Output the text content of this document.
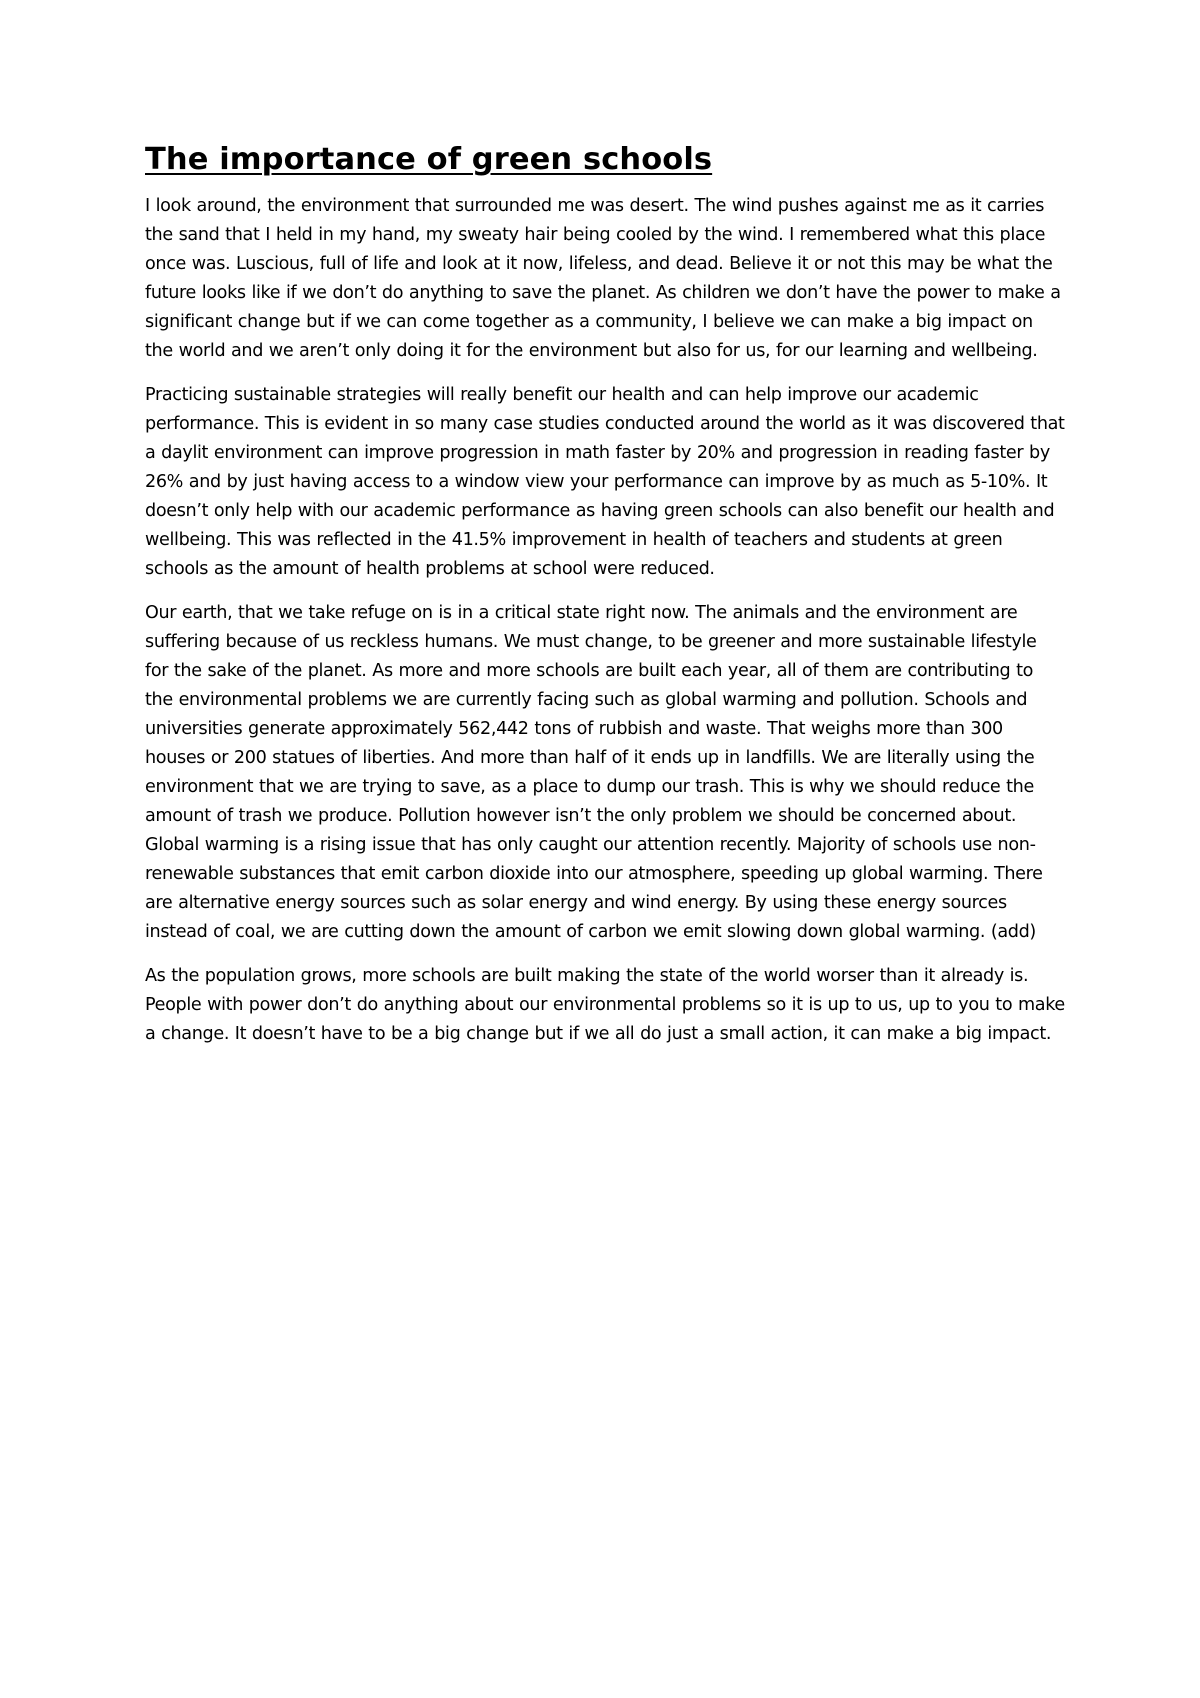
The importance of green schools

I look around, the environment that surrounded me was desert. The wind pushes against me as it carries the sand that I held in my hand, my sweaty hair being cooled by the wind. I remembered what this place once was. Luscious, full of life and look at it now, lifeless, and dead. Believe it or not this may be what the future looks like if we don’t do anything to save the planet. As children we don’t have the power to make a significant change but if we can come together as a community, I believe we can make a big impact on the world and we aren’t only doing it for the environment but also for us, for our learning and wellbeing.

Practicing sustainable strategies will really benefit our health and can help improve our academic performance. This is evident in so many case studies conducted around the world as it was discovered that a daylit environment can improve progression in math faster by 20% and progression in reading faster by 26% and by just having access to a window view your performance can improve by as much as 5-10%. It doesn’t only help with our academic performance as having green schools can also benefit our health and wellbeing. This was reflected in the 41.5% improvement in health of teachers and students at green schools as the amount of health problems at school were reduced.

Our earth, that we take refuge on is in a critical state right now. The animals and the environment are suffering because of us reckless humans. We must change, to be greener and more sustainable lifestyle for the sake of the planet. As more and more schools are built each year, all of them are contributing to the environmental problems we are currently facing such as global warming and pollution. Schools and universities generate approximately 562,442 tons of rubbish and waste. That weighs more than 300 houses or 200 statues of liberties. And more than half of it ends up in landfills. We are literally using the environment that we are trying to save, as a place to dump our trash. This is why we should reduce the amount of trash we produce. Pollution however isn’t the only problem we should be concerned about. Global warming is a rising issue that has only caught our attention recently. Majority of schools use non-renewable substances that emit carbon dioxide into our atmosphere, speeding up global warming. There are alternative energy sources such as solar energy and wind energy. By using these energy sources instead of coal, we are cutting down the amount of carbon we emit slowing down global warming. (add)

As the population grows, more schools are built making the state of the world worser than it already is. People with power don’t do anything about our environmental problems so it is up to us, up to you to make a change. It doesn’t have to be a big change but if we all do just a small action, it can make a big impact.
